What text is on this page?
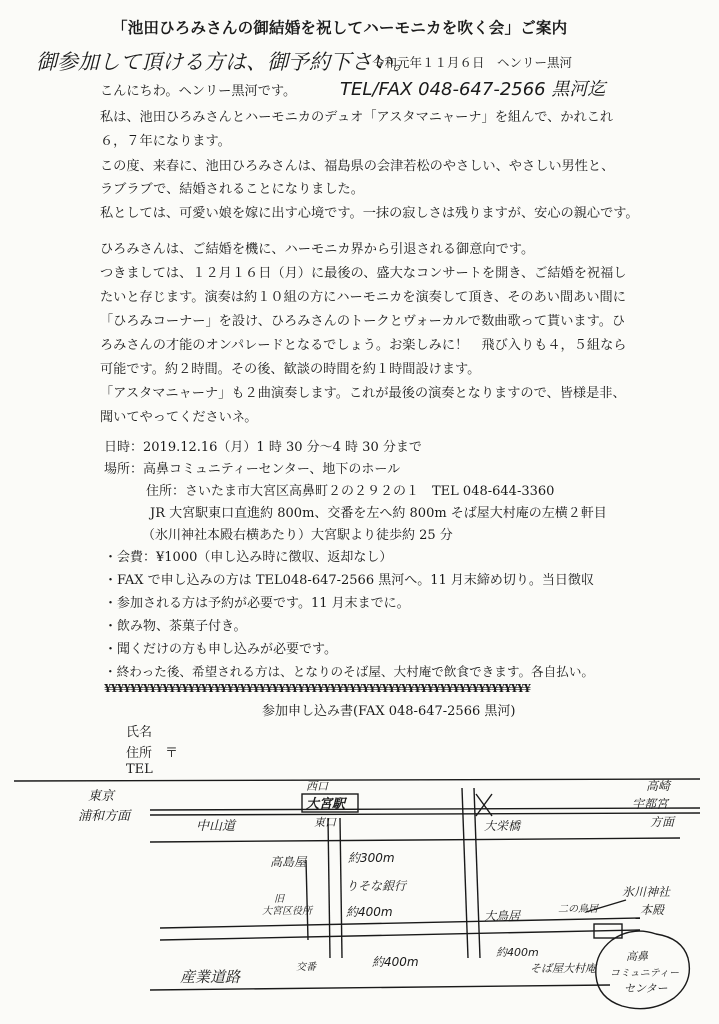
「池田ひろみさんの御結婚を祝してハーモニカを吹く会」ご案内
御参加して頂ける方は、御予約下さい。
令和元年１１月６日　ヘンリー黒河
こんにちわ。ヘンリー黒河です。 TEL/FAX 048-647-2566 黒河迄
私は、池田ひろみさんとハーモニカのデュオ「アスタマニャーナ」を組んで、かれこれ
６，７年になります。
この度、来春に、池田ひろみさんは、福島県の会津若松のやさしい、やさしい男性と、
ラブラブで、結婚されることになりました。
私としては、可愛い娘を嫁に出す心境です。一抹の寂しさは残りますが、安心の親心です。
ひろみさんは、ご結婚を機に、ハーモニカ界から引退される御意向です。
つきましては、１２月１６日（月）に最後の、盛大なコンサートを開き、ご結婚を祝福し
たいと存じます。演奏は約１０組の方にハーモニカを演奏して頂き、そのあい間あい間に
「ひろみコーナー」を設け、ひろみさんのトークとヴォーカルで数曲歌って貰います。ひ
ろみさんの才能のオンパレードとなるでしょう。お楽しみに！　飛び入りも４，５組なら
可能です。約２時間。その後、歓談の時間を約１時間設けます。
「アスタマニャーナ」も２曲演奏します。これが最後の演奏となりますので、皆様是非、
聞いてやってくださいネ。
日時：2019.12.16（月）1 時 30 分～4 時 30 分まで
場所：高鼻コミュニティーセンター、地下のホール
住所：さいたま市大宮区高鼻町２の２９２の１　TEL 048-644-3360
JR 大宮駅東口直進約 800m、交番を左へ約 800m そば屋大村庵の左横２軒目
（氷川神社本殿右横あたり）大宮駅より徒歩約 25 分
・会費：¥1000（申し込み時に徴収、返却なし）
・FAX で申し込みの方は TEL048-647-2566 黒河へ。11 月末締め切り。当日徴収
・参加される方は予約が必要です。11 月末までに。
・飲み物、茶菓子付き。
・聞くだけの方も申し込みが必要です。
・終わった後、希望される方は、となりのそば屋、大村庵で飲食できます。各自払い。
¥¥¥¥¥¥¥¥¥¥¥¥¥¥¥¥¥¥¥¥¥¥¥¥¥¥¥¥¥¥¥¥¥¥¥¥¥¥¥¥¥¥¥¥¥¥¥¥¥¥¥¥¥¥¥¥¥¥¥¥¥¥¥¥¥¥
参加申し込み書(FAX 048-647-2566 黒河)
氏名
住所　〒
TEL
東京
浦和方面
中山道
西口
大宮駅
東口
高崎
宇都宮
方面
大栄橋
高島屋	約300m
りそな銀行
旧
大宮区役所	約400m
約400m
約400m
交番
産業道路
大鳥居	二の鳥居
氷川神社
本殿
そば屋大村庵
高鼻
コミュニティー
センター
